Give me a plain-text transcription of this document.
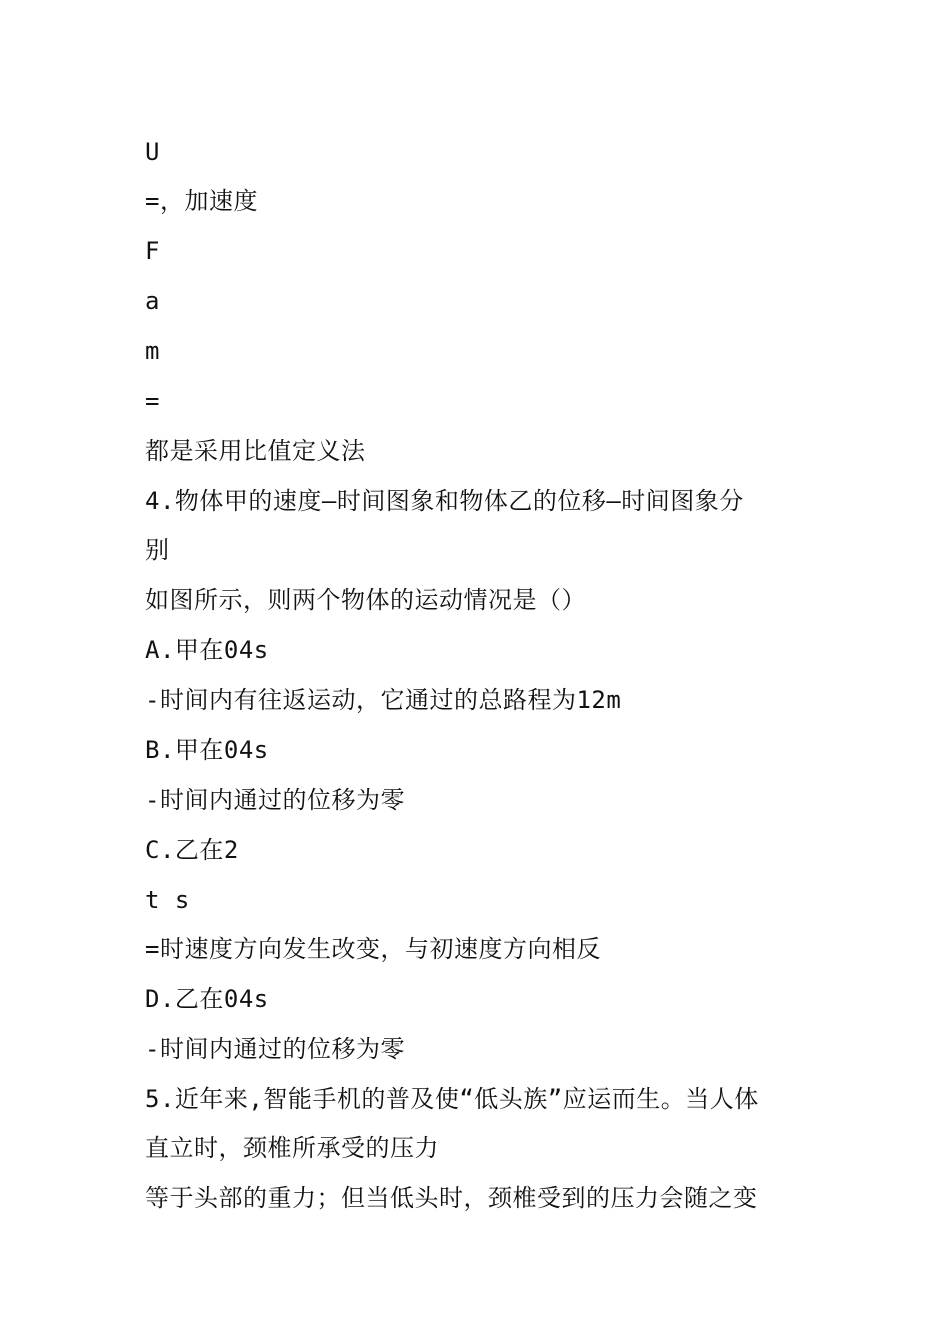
U
=，加速度
F
a
m
=
都是采用比值定义法
4.物体甲的速度—时间图象和物体乙的位移—时间图象分
别
如图所示，则两个物体的运动情况是（）
A.甲在04s
-时间内有往返运动，它通过的总路程为12m
B.甲在04s
-时间内通过的位移为零
C.乙在2
t s
=时速度方向发生改变，与初速度方向相反
D.乙在04s
-时间内通过的位移为零
5.近年来,智能手机的普及使“低头族”应运而生。当人体
直立时，颈椎所承受的压力
等于头部的重力；但当低头时，颈椎受到的压力会随之变
